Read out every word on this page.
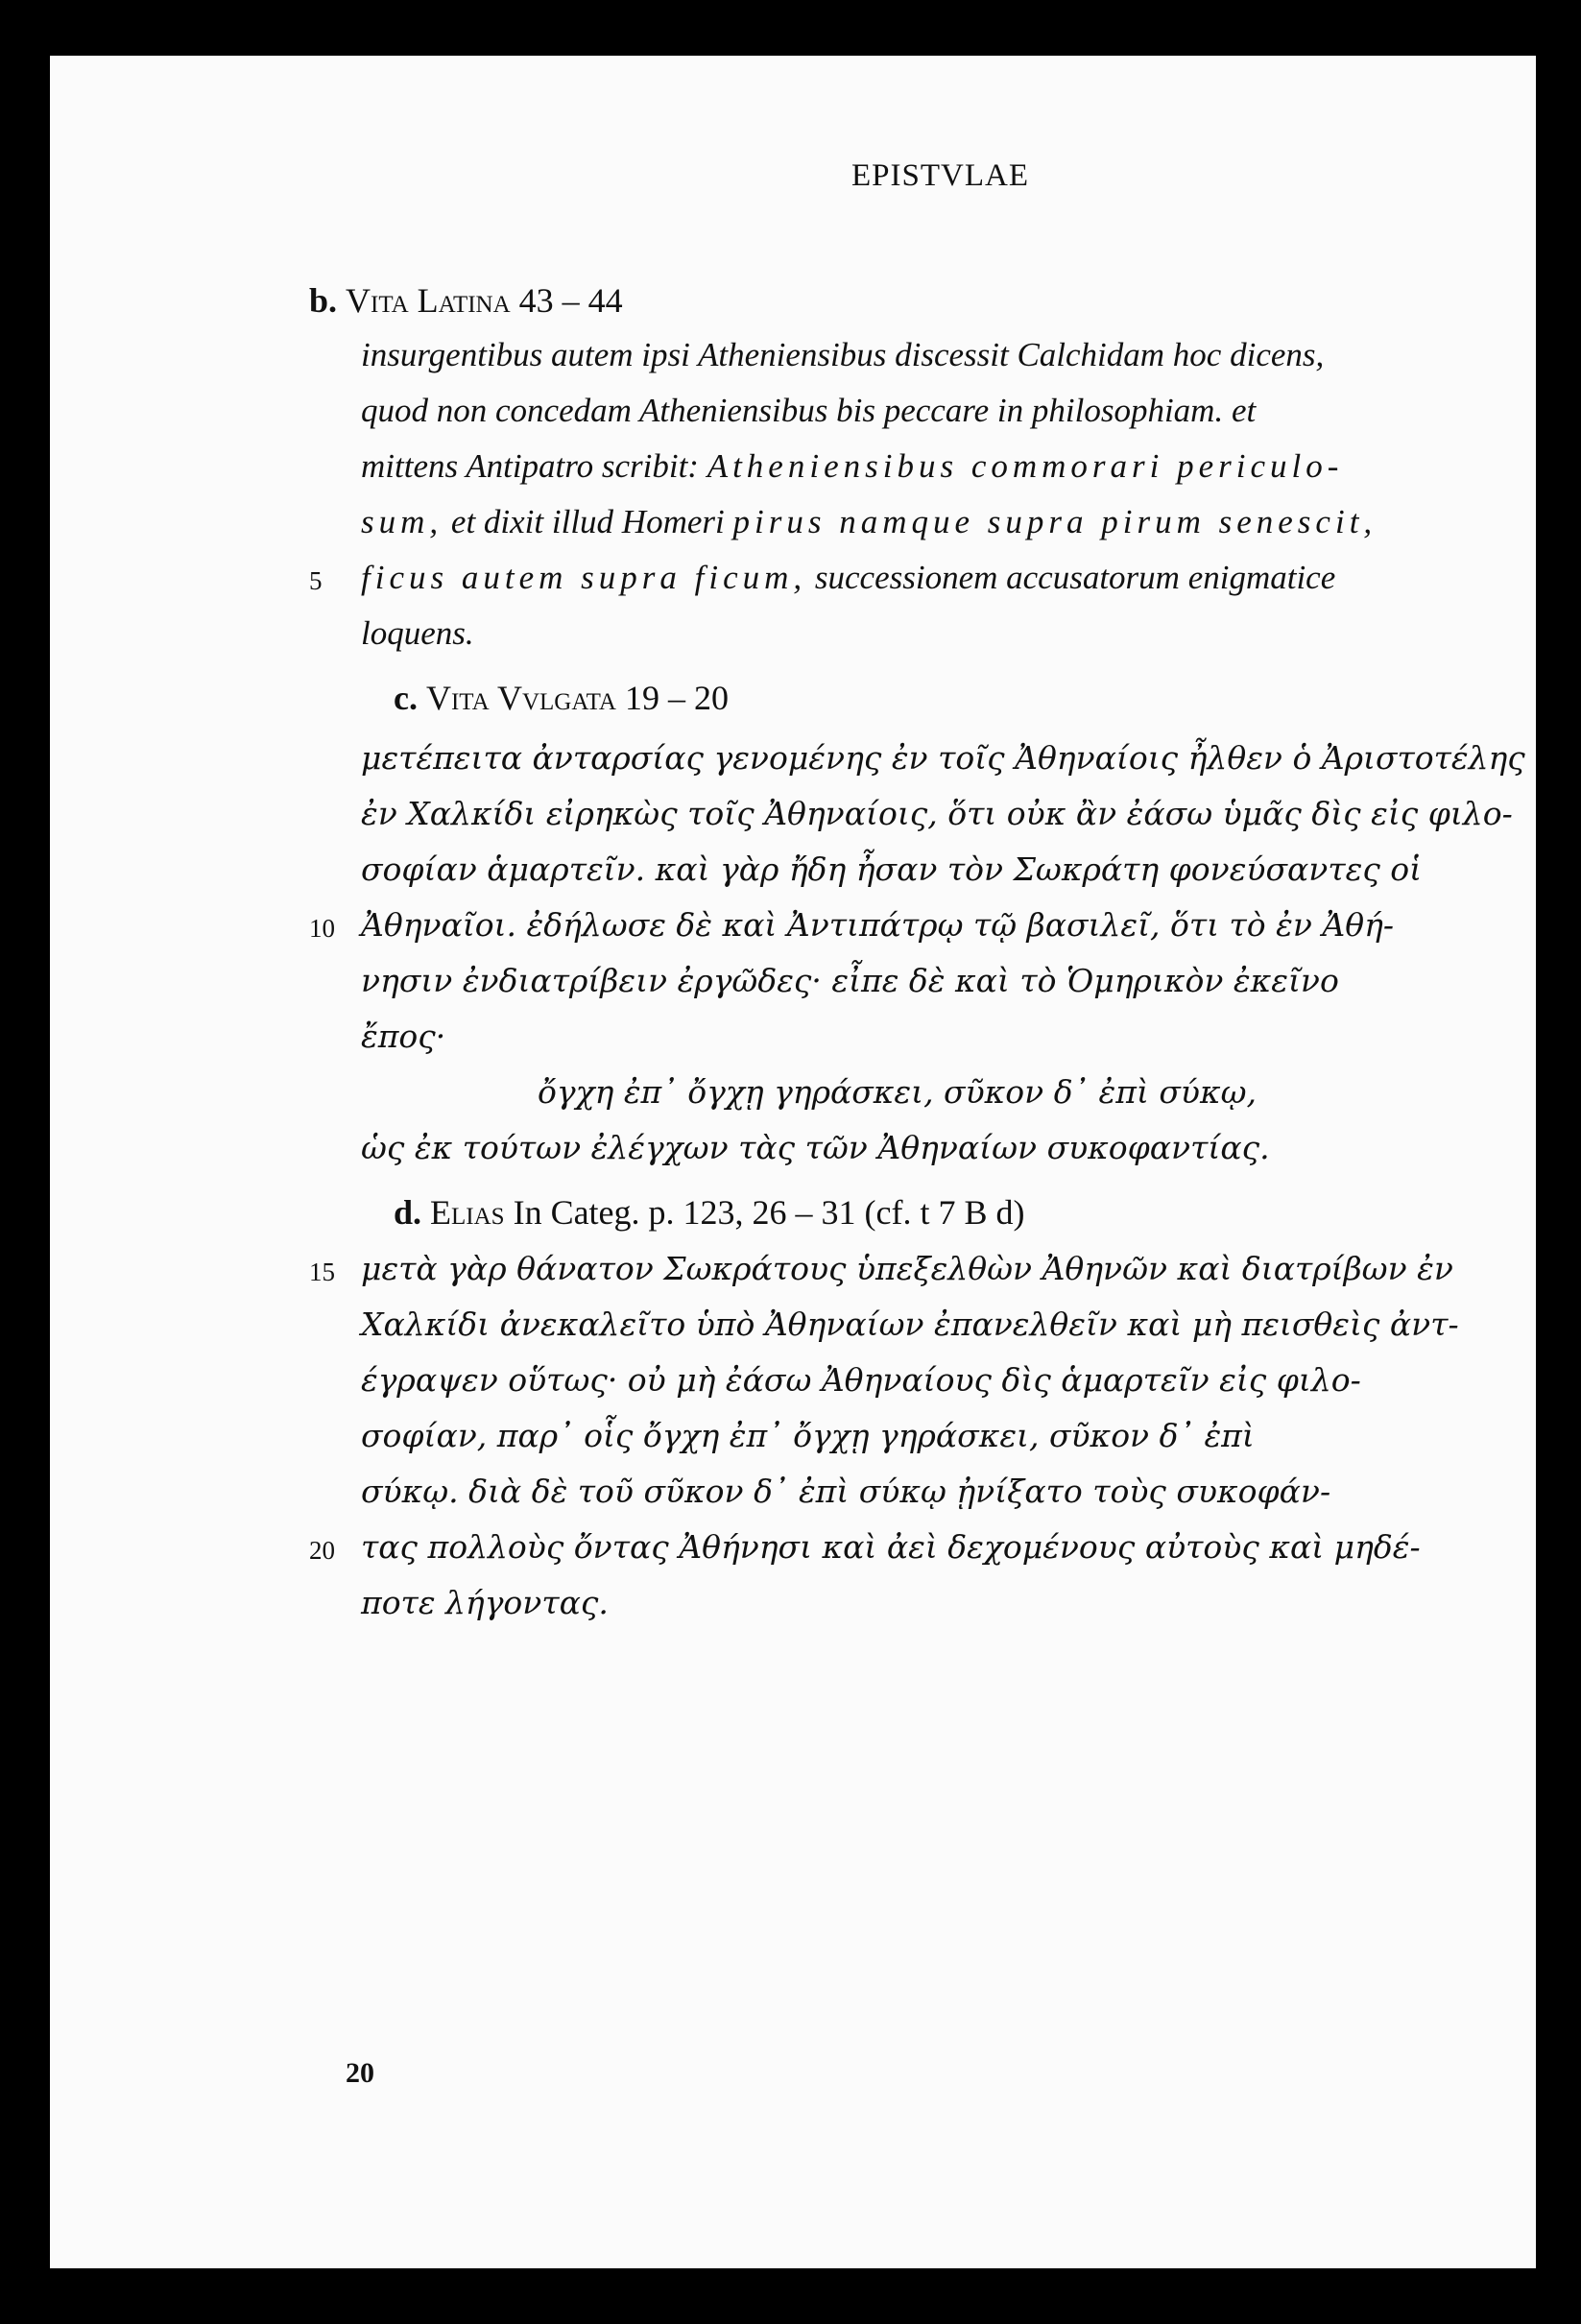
EPISTVLAE
b. Vita Latina 43 – 44
insurgentibus autem ipsi Atheniensibus discessit Calchidam hoc dicens,
quod non concedam Atheniensibus bis peccare in philosophiam. et
mittens Antipatro scribit: Atheniensibus commorari periculo-
sum, et dixit illud Homeri pirus namque supra pirum senescit,
5 ficus autem supra ficum, successionem accusatorum enigmatice
loquens.
c. Vita Vvlgata 19 – 20
μετέπειτα ἀνταρσίας γενομένης ἐν τοῖς Ἀθηναίοις ἦλθεν ὁ Ἀριστοτέλης
ἐν Χαλκίδι εἰρηκὼς τοῖς Ἀθηναίοις, ὅτι οὐκ ἂν ἐάσω ὑμᾶς δὶς εἰς φιλο-
σοφίαν ἁμαρτεῖν. καὶ γὰρ ἤδη ἦσαν τὸν Σωκράτη φονεύσαντες οἱ
10 Ἀθηναῖοι. ἐδήλωσε δὲ καὶ Ἀντιπάτρῳ τῷ βασιλεῖ, ὅτι τὸ ἐν Ἀθή-
νησιν ἐνδιατρίβειν ἐργῶδες· εἶπε δὲ καὶ τὸ Ὁμηρικὸν ἐκεῖνο
ἔπος·
ὄγχη ἐπ᾽ ὄγχῃ γηράσκει, σῦκον δ᾽ ἐπὶ σύκῳ,
ὡς ἐκ τούτων ἐλέγχων τὰς τῶν Ἀθηναίων συκοφαντίας.
d. Elias In Categ. p. 123, 26 – 31 (cf. t 7 B d)
15 μετὰ γὰρ θάνατον Σωκράτους ὑπεξελθὼν Ἀθηνῶν καὶ διατρίβων ἐν
Χαλκίδι ἀνεκαλεῖτο ὑπὸ Ἀθηναίων ἐπανελθεῖν καὶ μὴ πεισθεὶς ἀντ-
έγραψεν οὕτως· οὐ μὴ ἐάσω Ἀθηναίους δὶς ἁμαρτεῖν εἰς φιλο-
σοφίαν, παρ᾽ οἷς ὄγχη ἐπ᾽ ὄγχῃ γηράσκει, σῦκον δ᾽ ἐπὶ
σύκῳ. διὰ δὲ τοῦ σῦκον δ᾽ ἐπὶ σύκῳ ᾐνίξατο τοὺς συκοφάν-
20 τας πολλοὺς ὄντας Ἀθήνησι καὶ ἀεὶ δεχομένους αὐτοὺς καὶ μηδέ-
ποτε λήγοντας.
20
